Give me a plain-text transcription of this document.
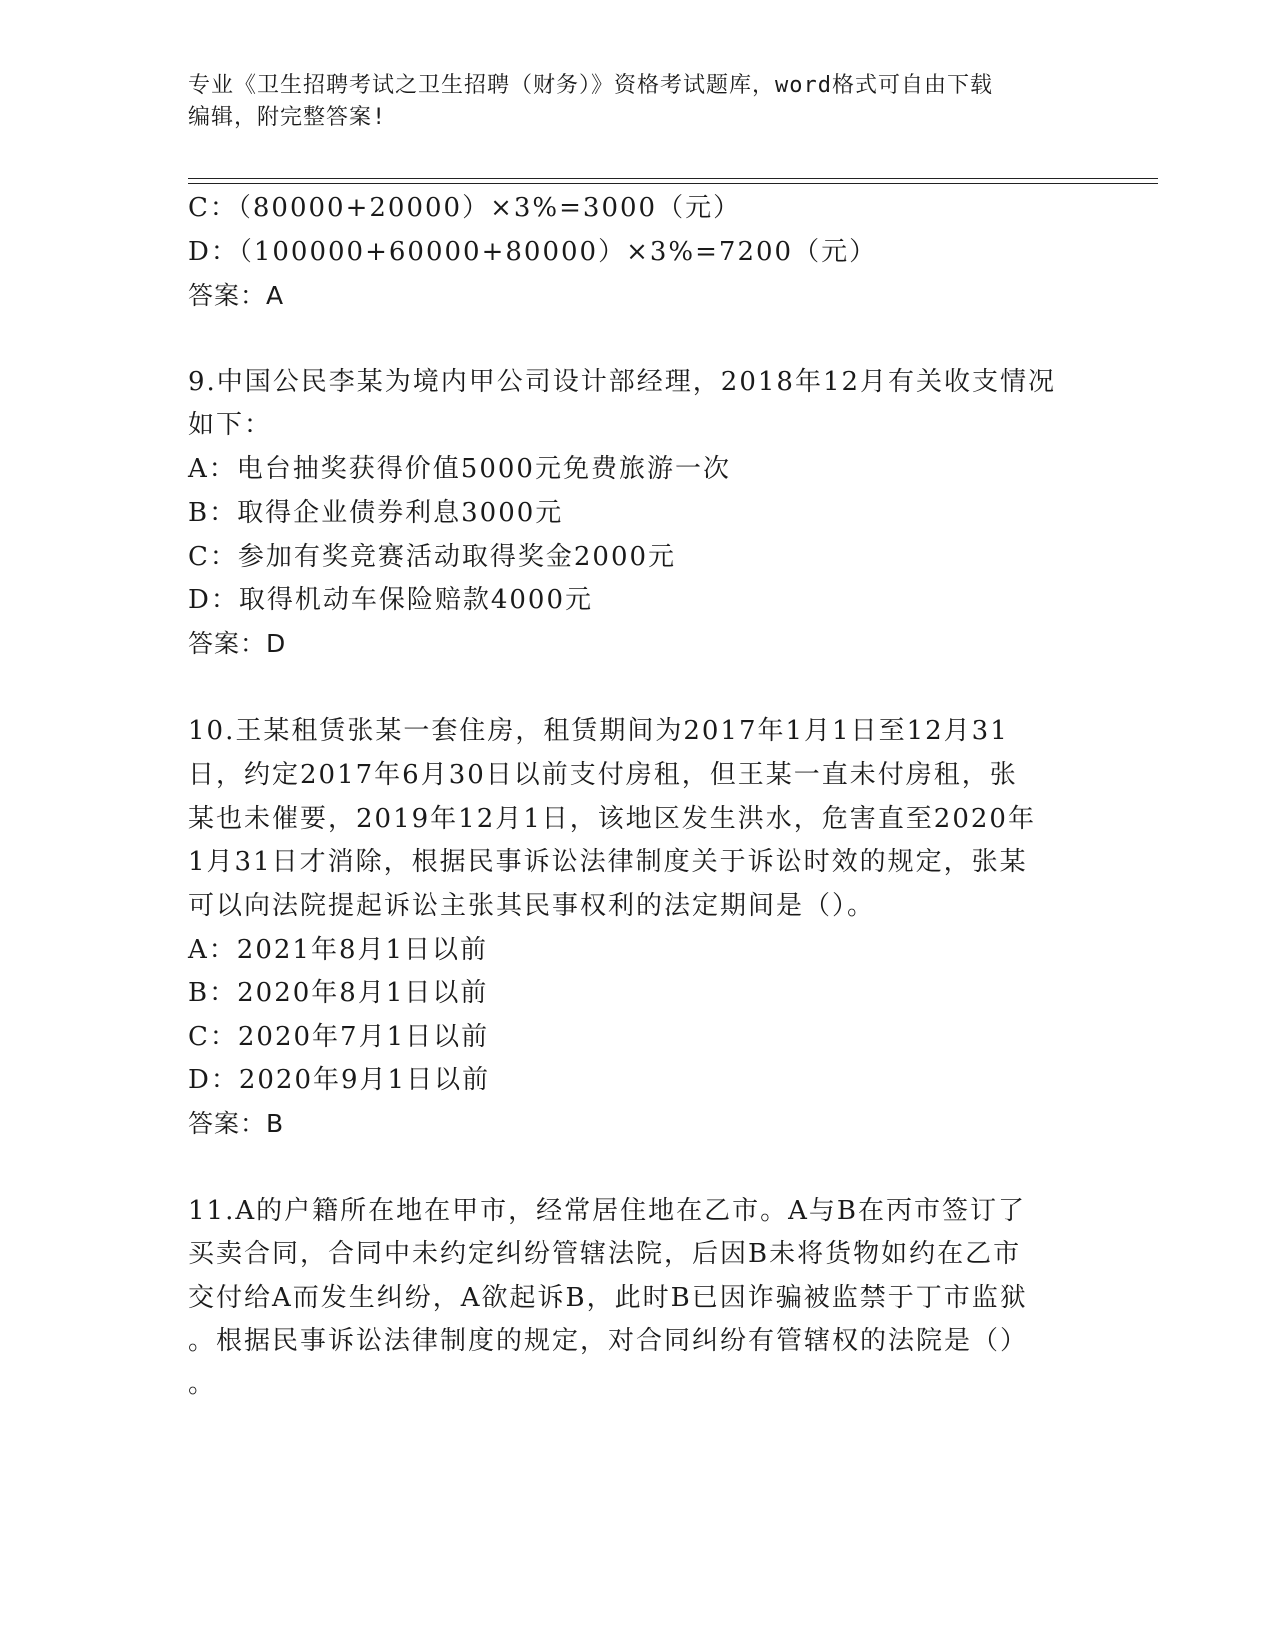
专业《卫生招聘考试之卫生招聘（财务）》资格考试题库，word格式可自由下载
编辑，附完整答案!
C：（80000+20000）×3%=3000（元）
D：（100000+60000+80000）×3%=7200（元）
答案：A
9.中国公民李某为境内甲公司设计部经理，2018年12月有关收支情况
如下：
A：电台抽奖获得价值5000元免费旅游一次
B：取得企业债券利息3000元
C：参加有奖竞赛活动取得奖金2000元
D：取得机动车保险赔款4000元
答案：D
10.王某租赁张某一套住房，租赁期间为2017年1月1日至12月31
日，约定2017年6月30日以前支付房租，但王某一直未付房租，张
某也未催要，2019年12月1日，该地区发生洪水，危害直至2020年
1月31日才消除，根据民事诉讼法律制度关于诉讼时效的规定，张某
可以向法院提起诉讼主张其民事权利的法定期间是（）。
A：2021年8月1日以前
B：2020年8月1日以前
C：2020年7月1日以前
D：2020年9月1日以前
答案：B
11.A的户籍所在地在甲市，经常居住地在乙市。A与B在丙市签订了
买卖合同，合同中未约定纠纷管辖法院，后因B未将货物如约在乙市
交付给A而发生纠纷，A欲起诉B，此时B已因诈骗被监禁于丁市监狱
。根据民事诉讼法律制度的规定，对合同纠纷有管辖权的法院是（）
。
